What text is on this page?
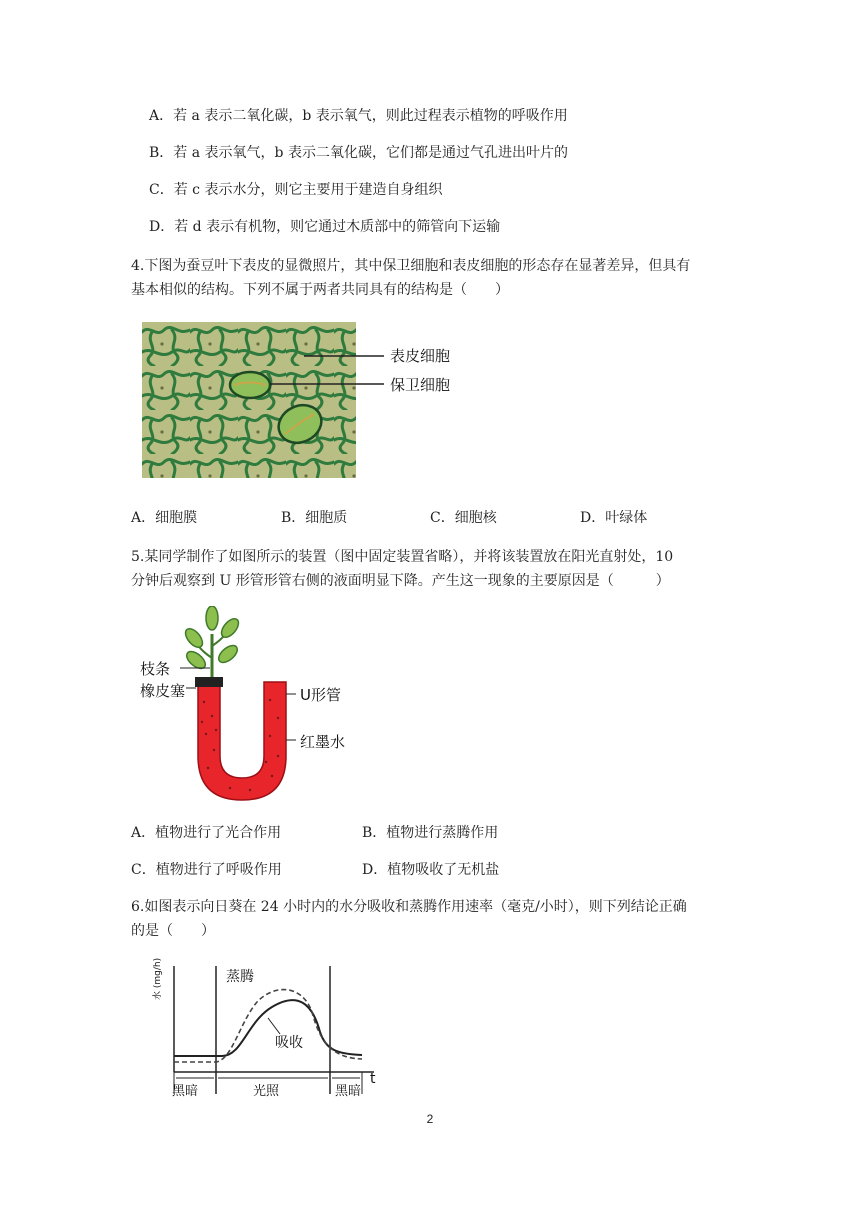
A．若 a 表示二氧化碳，b 表示氧气，则此过程表示植物的呼吸作用
B．若 a 表示氧气，b 表示二氧化碳，它们都是通过气孔进出叶片的
C．若 c 表示水分，则它主要用于建造自身组织
D．若 d 表示有机物，则它通过木质部中的筛管向下运输
4.下图为蚕豆叶下表皮的显微照片，其中保卫细胞和表皮细胞的形态存在显著差异，但具有
基本相似的结构。下列不属于两者共同具有的结构是（　　）
表皮细胞
保卫细胞
A．细胞膜	B．细胞质	C．细胞核	D．叶绿体
5.某同学制作了如图所示的装置（图中固定装置省略），并将该装置放在阳光直射处，10
分钟后观察到 U 形管形管右侧的液面明显下降。产生这一现象的主要原因是（　　　）
枝条
橡皮塞	U形管
红墨水
A．植物进行了光合作用	B．植物进行蒸腾作用
C．植物进行了呼吸作用	D．植物吸收了无机盐
6.如图表示向日葵在 24 小时内的水分吸收和蒸腾作用速率（毫克/小时），则下列结论正确
的是（　　）
水 (mg/h)	蒸腾
吸收
黑暗	光照	黑暗
t
2
